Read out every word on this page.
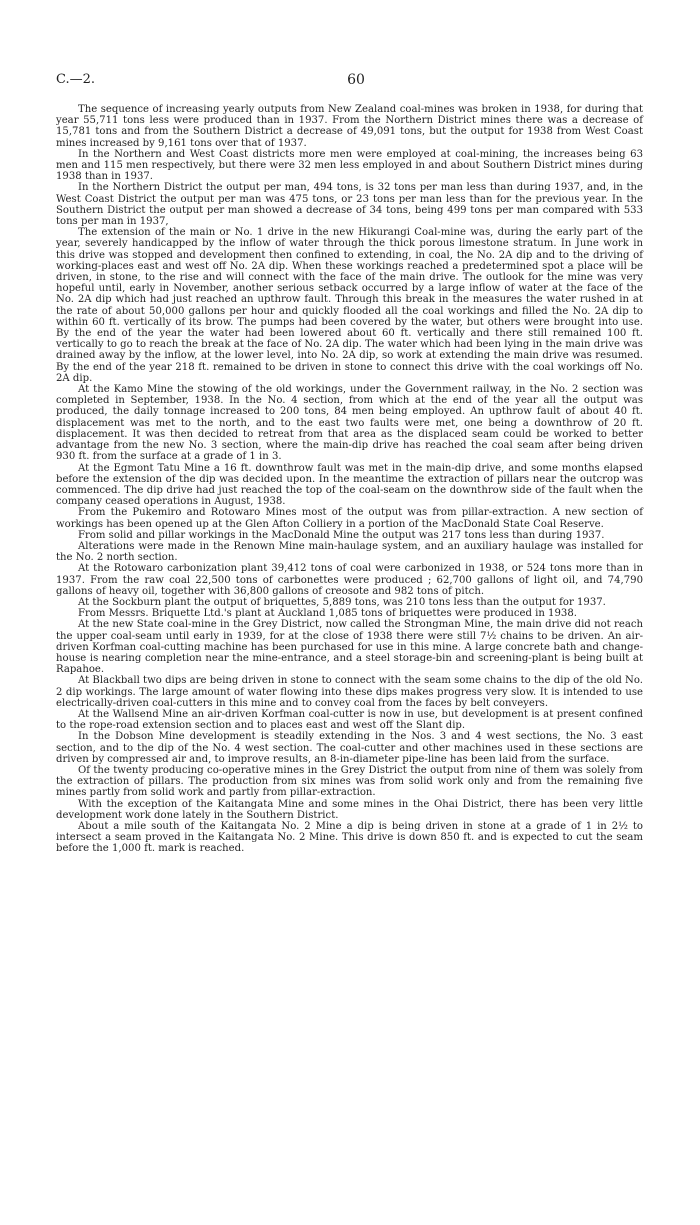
C.—2.	60

The sequence of increasing yearly outputs from New Zealand coal-mines was broken in 1938, for during that year 55,711 tons less were produced than in 1937. From the Northern District mines there was a decrease of 15,781 tons and from the Southern District a decrease of 49,091 tons, but the output for 1938 from West Coast mines increased by 9,161 tons over that of 1937.

In the Northern and West Coast districts more men were employed at coal-mining, the increases being 63 men and 115 men respectively, but there were 32 men less employed in and about Southern District mines during 1938 than in 1937.

In the Northern District the output per man, 494 tons, is 32 tons per man less than during 1937, and, in the West Coast District the output per man was 475 tons, or 23 tons per man less than for the previous year. In the Southern District the output per man showed a decrease of 34 tons, being 499 tons per man compared with 533 tons per man in 1937,

The extension of the main or No. 1 drive in the new Hikurangi Coal-mine was, during the early part of the year, severely handicapped by the inflow of water through the thick porous limestone stratum. In June work in this drive was stopped and development then confined to extending, in coal, the No. 2A dip and to the driving of working-places east and west off No. 2A dip. When these workings reached a predetermined spot a place will be driven, in stone, to the rise and will connect with the face of the main drive. The outlook for the mine was very hopeful until, early in November, another serious setback occurred by a large inflow of water at the face of the No. 2A dip which had just reached an upthrow fault. Through this break in the measures the water rushed in at the rate of about 50,000 gallons per hour and quickly flooded all the coal workings and filled the No. 2A dip to within 60 ft. vertically of its brow. The pumps had been covered by the water, but others were brought into use. By the end of the year the water had been lowered about 60 ft. vertically and there still remained 100 ft. vertically to go to reach the break at the face of No. 2A dip. The water which had been lying in the main drive was drained away by the inflow, at the lower level, into No. 2A dip, so work at extending the main drive was resumed. By the end of the year 218 ft. remained to be driven in stone to connect this drive with the coal workings off No. 2A dip.

At the Kamo Mine the stowing of the old workings, under the Government railway, in the No. 2 section was completed in September, 1938. In the No. 4 section, from which at the end of the year all the output was produced, the daily tonnage increased to 200 tons, 84 men being employed. An upthrow fault of about 40 ft. displacement was met to the north, and to the east two faults were met, one being a downthrow of 20 ft. displacement. It was then decided to retreat from that area as the displaced seam could be worked to better advantage from the new No. 3 section, where the main-dip drive has reached the coal seam after being driven 930 ft. from the surface at a grade of 1 in 3.

At the Egmont Tatu Mine a 16 ft. downthrow fault was met in the main-dip drive, and some months elapsed before the extension of the dip was decided upon. In the meantime the extraction of pillars near the outcrop was commenced. The dip drive had just reached the top of the coal-seam on the downthrow side of the fault when the company ceased operations in August, 1938.

From the Pukemiro and Rotowaro Mines most of the output was from pillar-extraction. A new section of workings has been opened up at the Glen Afton Colliery in a portion of the MacDonald State Coal Reserve.

From solid and pillar workings in the MacDonald Mine the output was 217 tons less than during 1937.

Alterations were made in the Renown Mine main-haulage system, and an auxiliary haulage was installed for the No. 2 north section.

At the Rotowaro carbonization plant 39,412 tons of coal were carbonized in 1938, or 524 tons more than in 1937. From the raw coal 22,500 tons of carbonettes were produced ; 62,700 gallons of light oil, and 74,790 gallons of heavy oil, together with 36,800 gallons of creosote and 982 tons of pitch.

At the Sockburn plant the output of briquettes, 5,889 tons, was 210 tons less than the output for 1937.

From Messrs. Briquette Ltd.'s plant at Auckland 1,085 tons of briquettes were produced in 1938.

At the new State coal-mine in the Grey District, now called the Strongman Mine, the main drive did not reach the upper coal-seam until early in 1939, for at the close of 1938 there were still 7½ chains to be driven. An air-driven Korfman coal-cutting machine has been purchased for use in this mine. A large concrete bath and change-house is nearing completion near the mine-entrance, and a steel storage-bin and screening-plant is being built at Rapahoe.

At Blackball two dips are being driven in stone to connect with the seam some chains to the dip of the old No. 2 dip workings. The large amount of water flowing into these dips makes progress very slow. It is intended to use electrically-driven coal-cutters in this mine and to convey coal from the faces by belt conveyers.

At the Wallsend Mine an air-driven Korfman coal-cutter is now in use, but development is at present confined to the rope-road extension section and to places east and west off the Slant dip.

In the Dobson Mine development is steadily extending in the Nos. 3 and 4 west sections, the No. 3 east section, and to the dip of the No. 4 west section. The coal-cutter and other machines used in these sections are driven by compressed air and, to improve results, an 8-in-diameter pipe-line has been laid from the surface.

Of the twenty producing co-operative mines in the Grey District the output from nine of them was solely from the extraction of pillars. The production from six mines was from solid work only and from the remaining five mines partly from solid work and partly from pillar-extraction.

With the exception of the Kaitangata Mine and some mines in the Ohai District, there has been very little development work done lately in the Southern District.

About a mile south of the Kaitangata No. 2 Mine a dip is being driven in stone at a grade of 1 in 2½ to intersect a seam proved in the Kaitangata No. 2 Mine. This drive is down 850 ft. and is expected to cut the seam before the 1,000 ft. mark is reached.
